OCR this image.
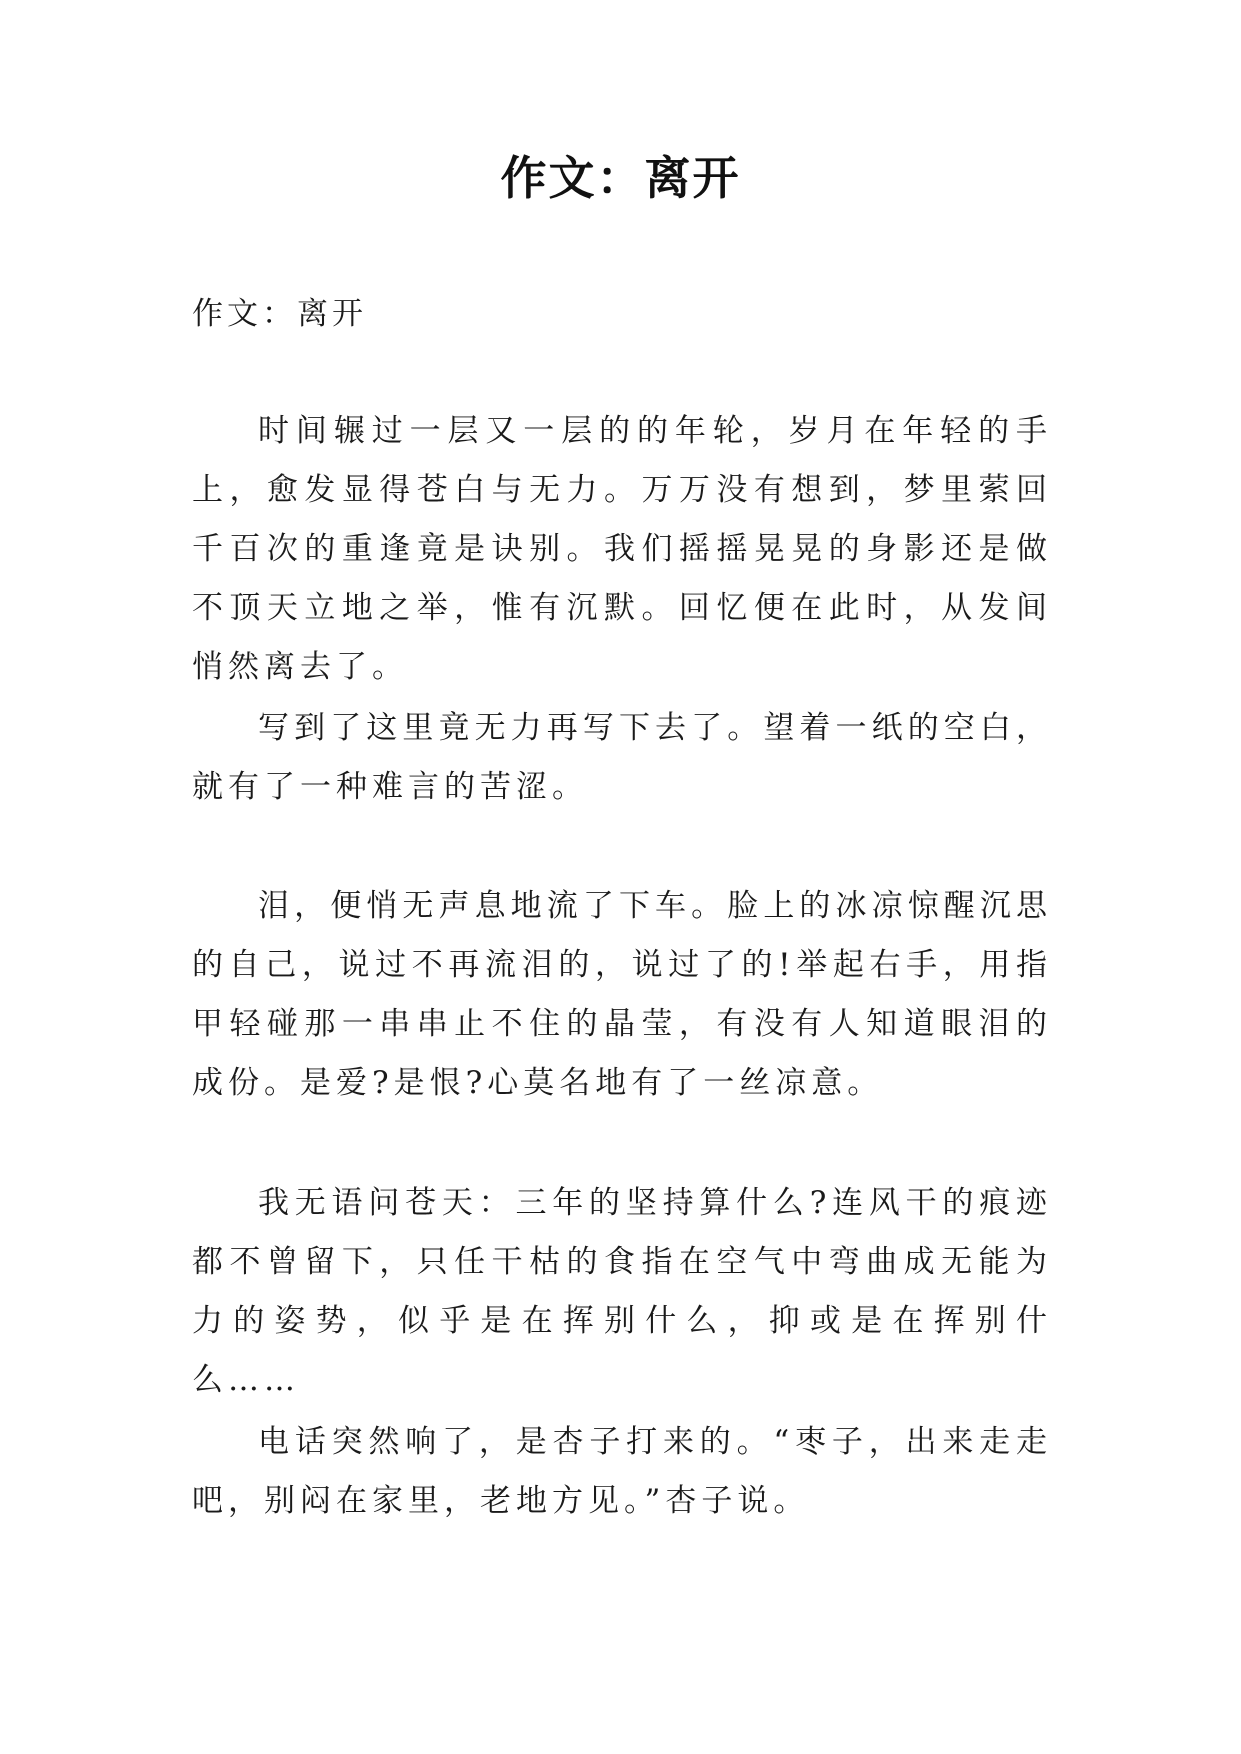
作文：离开
作文：离开

时间辗过一层又一层的的年轮，岁月在年轻的手上，愈发显得苍白与无力。万万没有想到，梦里萦回千百次的重逢竟是诀别。我们摇摇晃晃的身影还是做不顶天立地之举，惟有沉默。回忆便在此时，从发间悄然离去了。

写到了这里竟无力再写下去了。望着一纸的空白，就有了一种难言的苦涩。

泪，便悄无声息地流了下车。脸上的冰凉惊醒沉思的自己，说过不再流泪的，说过了的!举起右手，用指甲轻碰那一串串止不住的晶莹，有没有人知道眼泪的成份。是爱?是恨?心莫名地有了一丝凉意。

我无语问苍天：三年的坚持算什么?连风干的痕迹都不曾留下，只任干枯的食指在空气中弯曲成无能为力的姿势，似乎是在挥别什么，抑或是在挥别什么……

电话突然响了，是杏子打来的。“枣子，出来走走吧，别闷在家里，老地方见。”杏子说。
